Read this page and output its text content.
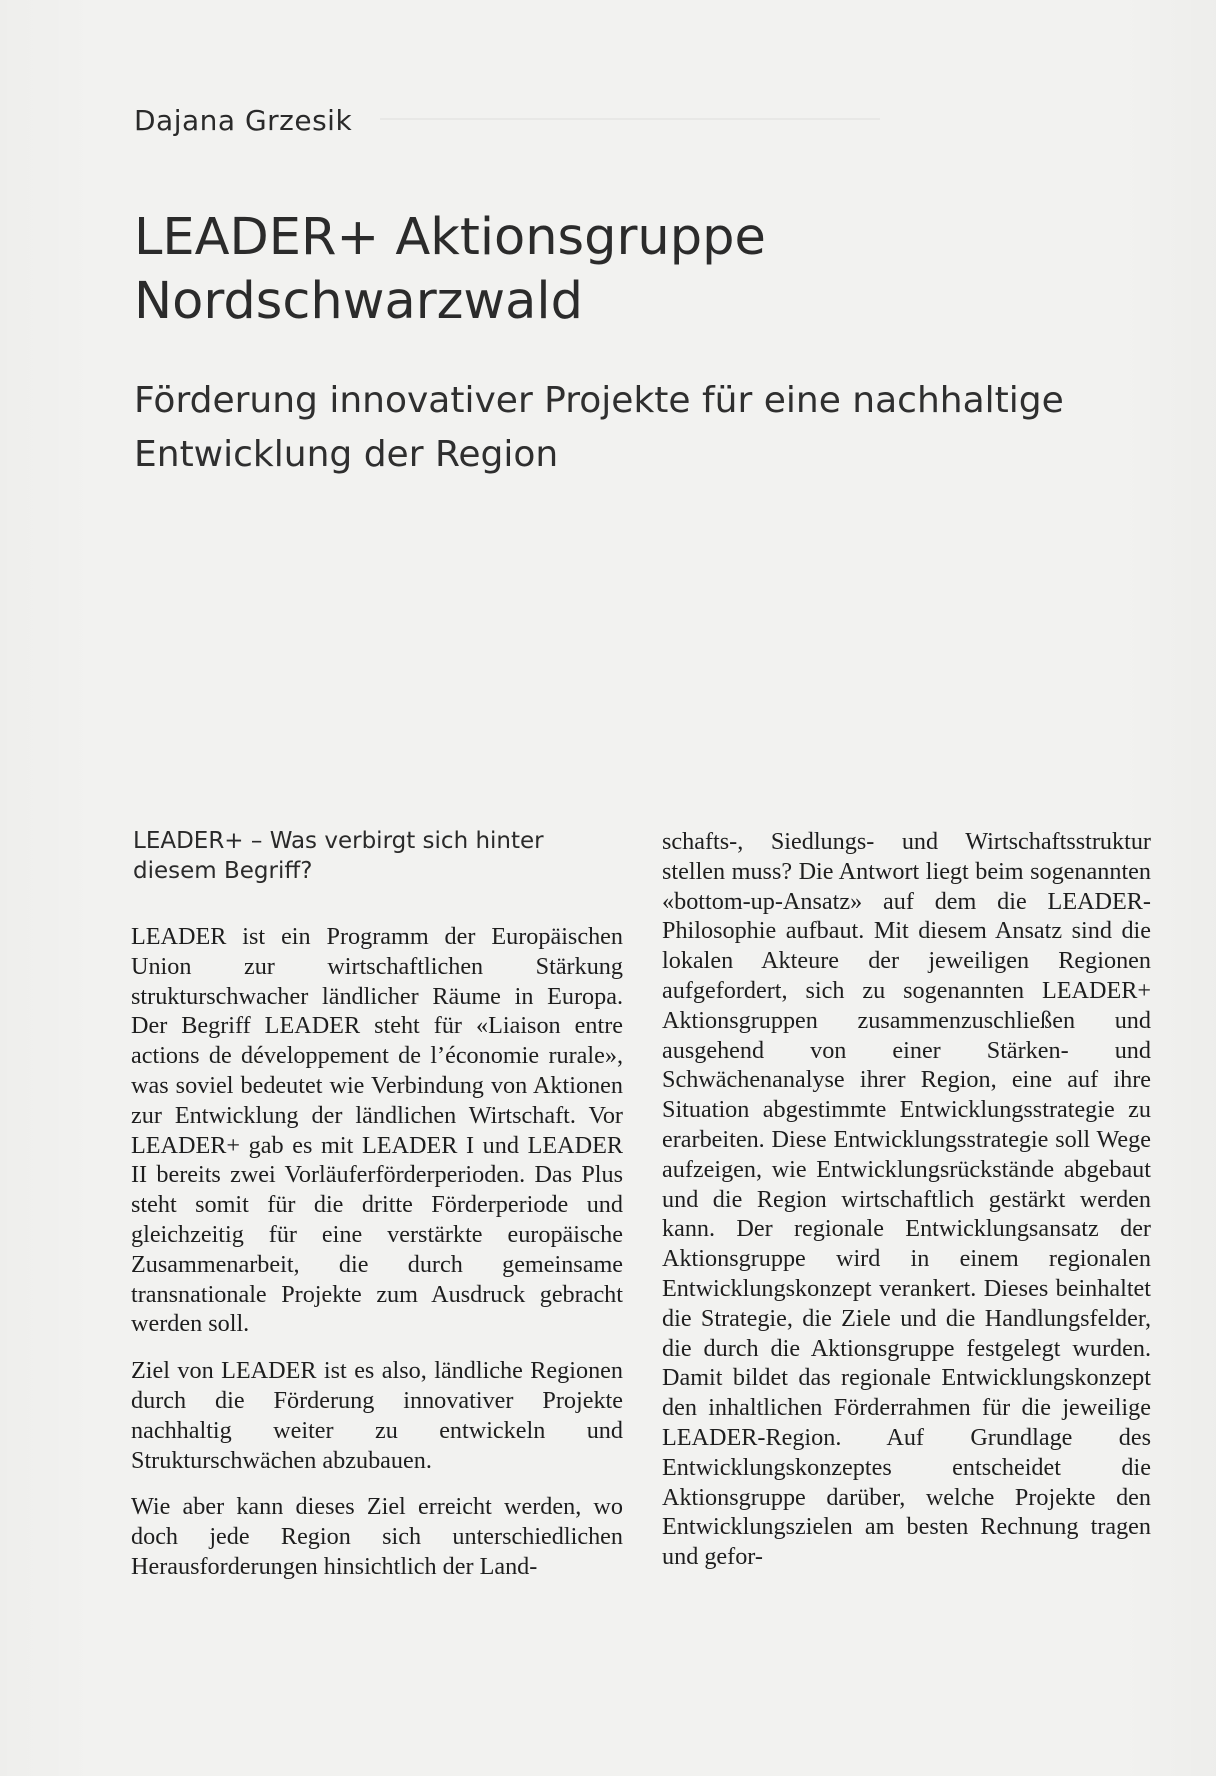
Dajana Grzesik
LEADER+ Aktionsgruppe
Nordschwarzwald
Förderung innovativer Projekte für eine nachhaltige
Entwicklung der Region
LEADER+ – Was verbirgt sich hinter
diesem Begriff?

LEADER ist ein Programm der Europäischen Union zur wirtschaftlichen Stärkung strukturschwacher ländlicher Räume in Europa. Der Begriff LEADER steht für «Liaison entre actions de développement de l’économie rurale», was soviel bedeutet wie Verbindung von Aktionen zur Entwicklung der ländlichen Wirtschaft. Vor LEADER+ gab es mit LEADER I und LEADER II bereits zwei Vorläuferförderperioden. Das Plus steht somit für die dritte Förderperiode und gleichzeitig für eine verstärkte europäische Zusammenarbeit, die durch gemeinsame transnationale Projekte zum Ausdruck gebracht werden soll.

Ziel von LEADER ist es also, ländliche Regionen durch die Förderung innovativer Projekte nachhaltig weiter zu entwickeln und Strukturschwächen abzubauen.

Wie aber kann dieses Ziel erreicht werden, wo doch jede Region sich unterschiedlichen Herausforderungen hinsichtlich der Land-

schafts-, Siedlungs- und Wirtschaftsstruktur stellen muss? Die Antwort liegt beim sogenannten «bottom-up-Ansatz» auf dem die LEADER-Philosophie aufbaut. Mit diesem Ansatz sind die lokalen Akteure der jeweiligen Regionen aufgefordert, sich zu sogenannten LEADER+ Aktionsgruppen zusammenzuschließen und ausgehend von einer Stärken- und Schwächenanalyse ihrer Region, eine auf ihre Situation abgestimmte Entwicklungsstrategie zu erarbeiten. Diese Entwicklungsstrategie soll Wege aufzeigen, wie Entwicklungsrückstände abgebaut und die Region wirtschaftlich gestärkt werden kann. Der regionale Entwicklungsansatz der Aktionsgruppe wird in einem regionalen Entwicklungskonzept verankert. Dieses beinhaltet die Strategie, die Ziele und die Handlungsfelder, die durch die Aktionsgruppe festgelegt wurden. Damit bildet das regionale Entwicklungskonzept den inhaltlichen Förderrahmen für die jeweilige LEADER-Region. Auf Grundlage des Entwicklungskonzeptes entscheidet die Aktionsgruppe darüber, welche Projekte den Entwicklungszielen am besten Rechnung tragen und gefor-
